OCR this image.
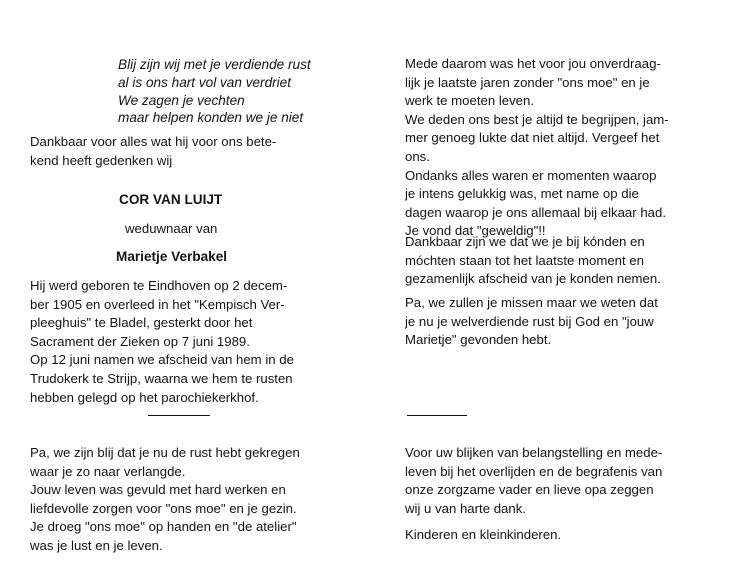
Blij zijn wij met je verdiende rust
al is ons hart vol van verdriet
We zagen je vechten
maar helpen konden we je niet
Dankbaar voor alles wat hij voor ons bete-
kend heeft gedenken wij
COR VAN LUIJT
weduwnaar van
Marietje Verbakel
Hij werd geboren te Eindhoven op 2 decem-
ber 1905 en overleed in het "Kempisch Ver-
pleeghuis" te Bladel, gesterkt door het
Sacrament der Zieken op 7 juni 1989.
Op 12 juni namen we afscheid van hem in de
Trudokerk te Strijp, waarna we hem te rusten
hebben gelegd op het parochiekerkhof.
Pa, we zijn blij dat je nu de rust hebt gekregen
waar je zo naar verlangde.
Jouw leven was gevuld met hard werken en
liefdevolle zorgen voor "ons moe" en je gezin.
Je droeg "ons moe" op handen en "de atelier"
was je lust en je leven.
Mede daarom was het voor jou onverdraag-
lijk je laatste jaren zonder "ons moe" en je
werk te moeten leven.
We deden ons best je altijd te begrijpen, jam-
mer genoeg lukte dat niet altijd. Vergeef het
ons.
Ondanks alles waren er momenten waarop
je intens gelukkig was, met name op die
dagen waarop je ons allemaal bij elkaar had.
Je vond dat "geweldig"!!
Dankbaar zijn we dat we je bij kónden en
móchten staan tot het laatste moment en
gezamenlijk afscheid van je konden nemen.
Pa, we zullen je missen maar we weten dat
je nu je welverdiende rust bij God en "jouw
Marietje" gevonden hebt.
Voor uw blijken van belangstelling en mede-
leven bij het overlijden en de begrafenis van
onze zorgzame vader en lieve opa zeggen
wij u van harte dank.
Kinderen en kleinkinderen.
